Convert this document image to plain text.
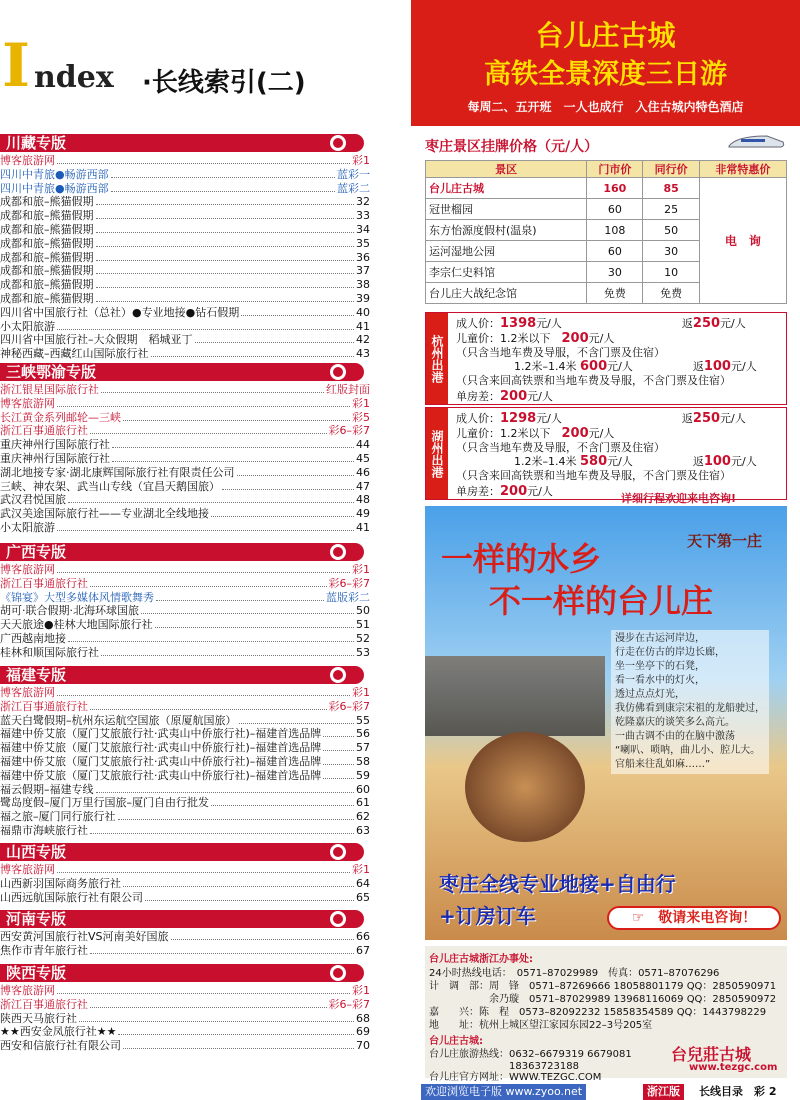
I ndex ·长线索引(二)
川藏专版
博客旅游网	彩1
四川中青旅●畅游西部	蓝彩一
四川中青旅●畅游西部	蓝彩二
成都和旅–熊猫假期	32
成都和旅–熊猫假期	33
成都和旅–熊猫假期	34
成都和旅–熊猫假期	35
成都和旅–熊猫假期	36
成都和旅–熊猫假期	37
成都和旅–熊猫假期	38
成都和旅–熊猫假期	39
四川省中国旅行社（总社）●专业地接●钻石假期	40
小太阳旅游	41
四川省中国旅行社–大众假期　稻城亚丁	42
神秘西藏–西藏红山国际旅行社	43
三峡鄂渝专版
浙江银星国际旅行社	红版封面
博客旅游网	彩1
长江黄金系列邮轮—三峡	彩5
浙江百事通旅行社	彩6–彩7
重庆神州行国际旅行社	44
重庆神州行国际旅行社	45
湖北地接专家·湖北康辉国际旅行社有限责任公司	46
三峡、神农架、武当山专线（宜昌天鹅国旅）	47
武汉君悦国旅	48
武汉美途国际旅行社——专业湖北全线地接	49
小太阳旅游	41
广西专版
博客旅游网	彩1
浙江百事通旅行社	彩6–彩7
《锦宴》大型多媒体风情歌舞秀	蓝版彩二
胡可·联合假期·北海环球国旅	50
天天旅途●桂林大地国际旅行社	51
广西越南地接	52
桂林和顺国际旅行社	53
福建专版
博客旅游网	彩1
浙江百事通旅行社	彩6–彩7
蓝天白鹭假期–杭州东运航空国旅（原厦航国旅）	55
福建中侨艾旅（厦门艾旅旅行社·武夷山中侨旅行社)–福建首选品牌	56
福建中侨艾旅（厦门艾旅旅行社·武夷山中侨旅行社)–福建首选品牌	57
福建中侨艾旅（厦门艾旅旅行社·武夷山中侨旅行社)–福建首选品牌	58
福建中侨艾旅（厦门艾旅旅行社·武夷山中侨旅行社)–福建首选品牌	59
福云假期–福建专线	60
鹭岛度假–厦门万里行国旅–厦门自由行批发	61
福之旅–厦门同行旅行社	62
福鼎市海峡旅行社	63
山西专版
博客旅游网	彩1
山西新羽国际商务旅行社	64
山西远航国际旅行社有限公司	65
河南专版
西安黄河国旅行社VS河南美好国旅	66
焦作市青年旅行社	67
陕西专版
博客旅游网	彩1
浙江百事通旅行社	彩6–彩7
陕西天马旅行社	68
★★西安金凤旅行社★★	69
西安和信旅行社有限公司	70
台儿庄古城
高铁全景深度三日游
每周二、五开班　一人也成行　入住古城内特色酒店
枣庄景区挂牌价格（元/人）
景区	门市价	同行价	非常特惠价
台儿庄古城	160	85	电　询
冠世榴园	60	25	
东方怡源度假村(温泉)	108	50	
运河湿地公园	60	30	
李宗仁史料馆	30	10	
台儿庄大战纪念馆	免费	免费	
杭州出港
成人价：1398元/人	返250元/人
儿童价：1.2米以下　200元/人
（只含当地车费及导服，不含门票及住宿）
1.2米–1.4米 600元/人	返100元/人
（只含来回高铁票和当地车费及导服，不含门票及住宿）
单房差：200元/人
湖州出港
成人价：1298元/人	返250元/人
儿童价：1.2米以下　200元/人
（只含当地车费及导服，不含门票及住宿）
1.2米–1.4米 580元/人	返100元/人
（只含来回高铁票和当地车费及导服，不含门票及住宿）
单房差：200元/人
详细行程欢迎来电咨询!
一样的水乡
不一样的台儿庄
天下第一庄
漫步在古运河岸边，
行走在仿古的岸边长廊，
坐一坐亭下的石凳，
看一看水中的灯火，
透过点点灯光，
我仿佛看到康宗宋祖的龙船驶过，
乾隆嘉庆的谈笑多么高亢。
一曲古调不由的在脑中激荡
“喇叭、唢呐，曲儿小、腔儿大。
官船来往乱如麻……”
枣庄全线专业地接+自由行
+订房订车	☞　敬请来电咨询！
台儿庄古城浙江办事处:
24小时热线电话：　0571–87029989　传真：0571–87076296
计　调　部：周　锋　0571–87269666 18058801179 QQ：2850590971
　　　　　　余乃璇　0571–87029989 13968116069 QQ：2850590972
嘉　　兴：陈　程　0573–82092232 15858354589 QQ：1443798229
地　　址：杭州上城区望江家园东园22–3号205室
台儿庄古城:
台儿庄旅游热线：0632–6679319 6679081
　　　　　　　　18363723188
台儿庄官方网址：WWW.TEZGC.COM
台兒莊古城
www.tezgc.com
欢迎浏览电子版 www.zyoo.net	浙江版	长线目录　彩 2
